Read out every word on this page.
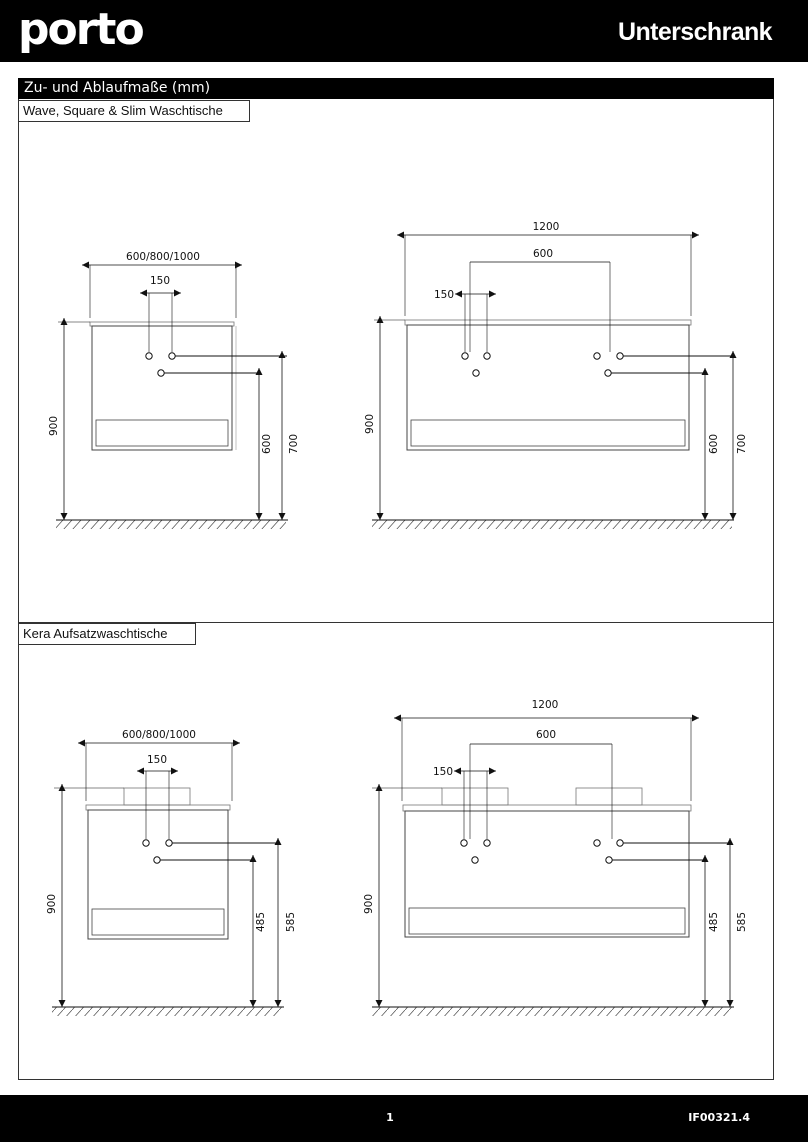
porto	Unterschrank
Zu- und Ablaufmaße (mm)
Wave, Square & Slim Waschtische
Kera Aufsatzwaschtische
600/800/1000
150
900
600 700
1200
600
150
900
600 700
600/800/1000
150
900
485 585
1200
600
150
900
485 585
1	IF00321.4
